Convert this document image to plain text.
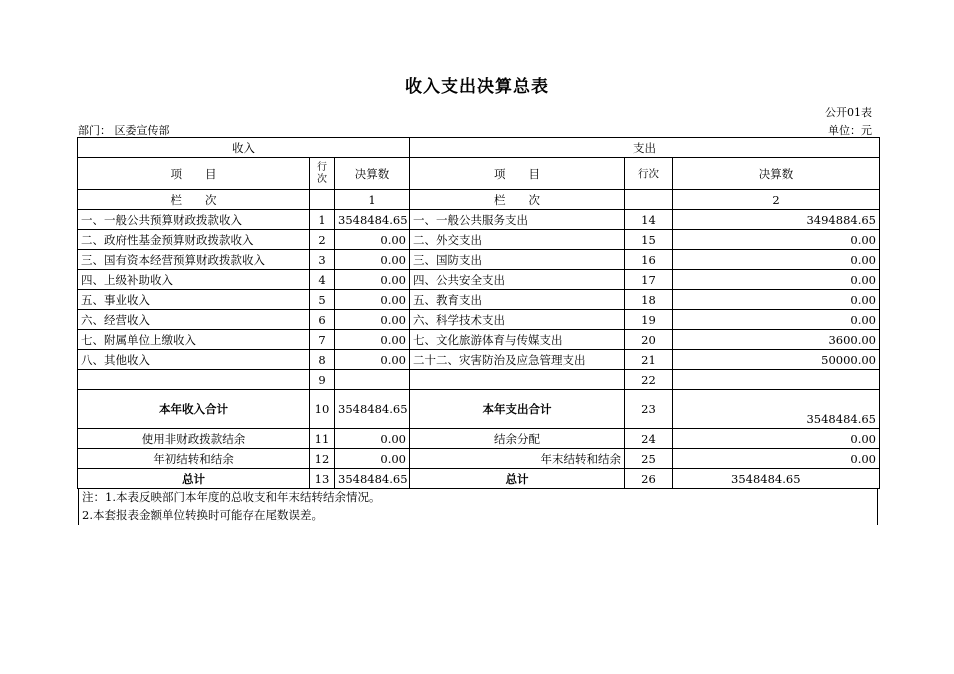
收入支出决算总表
公开01表
部门： 区委宣传部	单位：元
收入			支出		
项　　目	行
次	决算数	项　　目	行次	决算数
栏　　次		1	栏　　次		2
一、一般公共预算财政拨款收入	1	3548484.65	一、一般公共服务支出	14	3494884.65
二、政府性基金预算财政拨款收入	2	0.00	二、外交支出	15	0.00
三、国有资本经营预算财政拨款收入	3	0.00	三、国防支出	16	0.00
四、上级补助收入	4	0.00	四、公共安全支出	17	0.00
五、事业收入	5	0.00	五、教育支出	18	0.00
六、经营收入	6	0.00	六、科学技术支出	19	0.00
七、附属单位上缴收入	7	0.00	七、文化旅游体育与传媒支出	20	3600.00
八、其他收入	8	0.00	二十二、灾害防治及应急管理支出	21	50000.00
	9			22	
本年收入合计	10	3548484.65	本年支出合计	23	3548484.65
使用非财政拨款结余	11	0.00	结余分配	24	0.00
年初结转和结余	12	0.00	年末结转和结余	25	0.00
总计	13	3548484.65	总计	26	3548484.65
注：1.本表反映部门本年度的总收支和年末结转结余情况。
2.本套报表金额单位转换时可能存在尾数误差。
